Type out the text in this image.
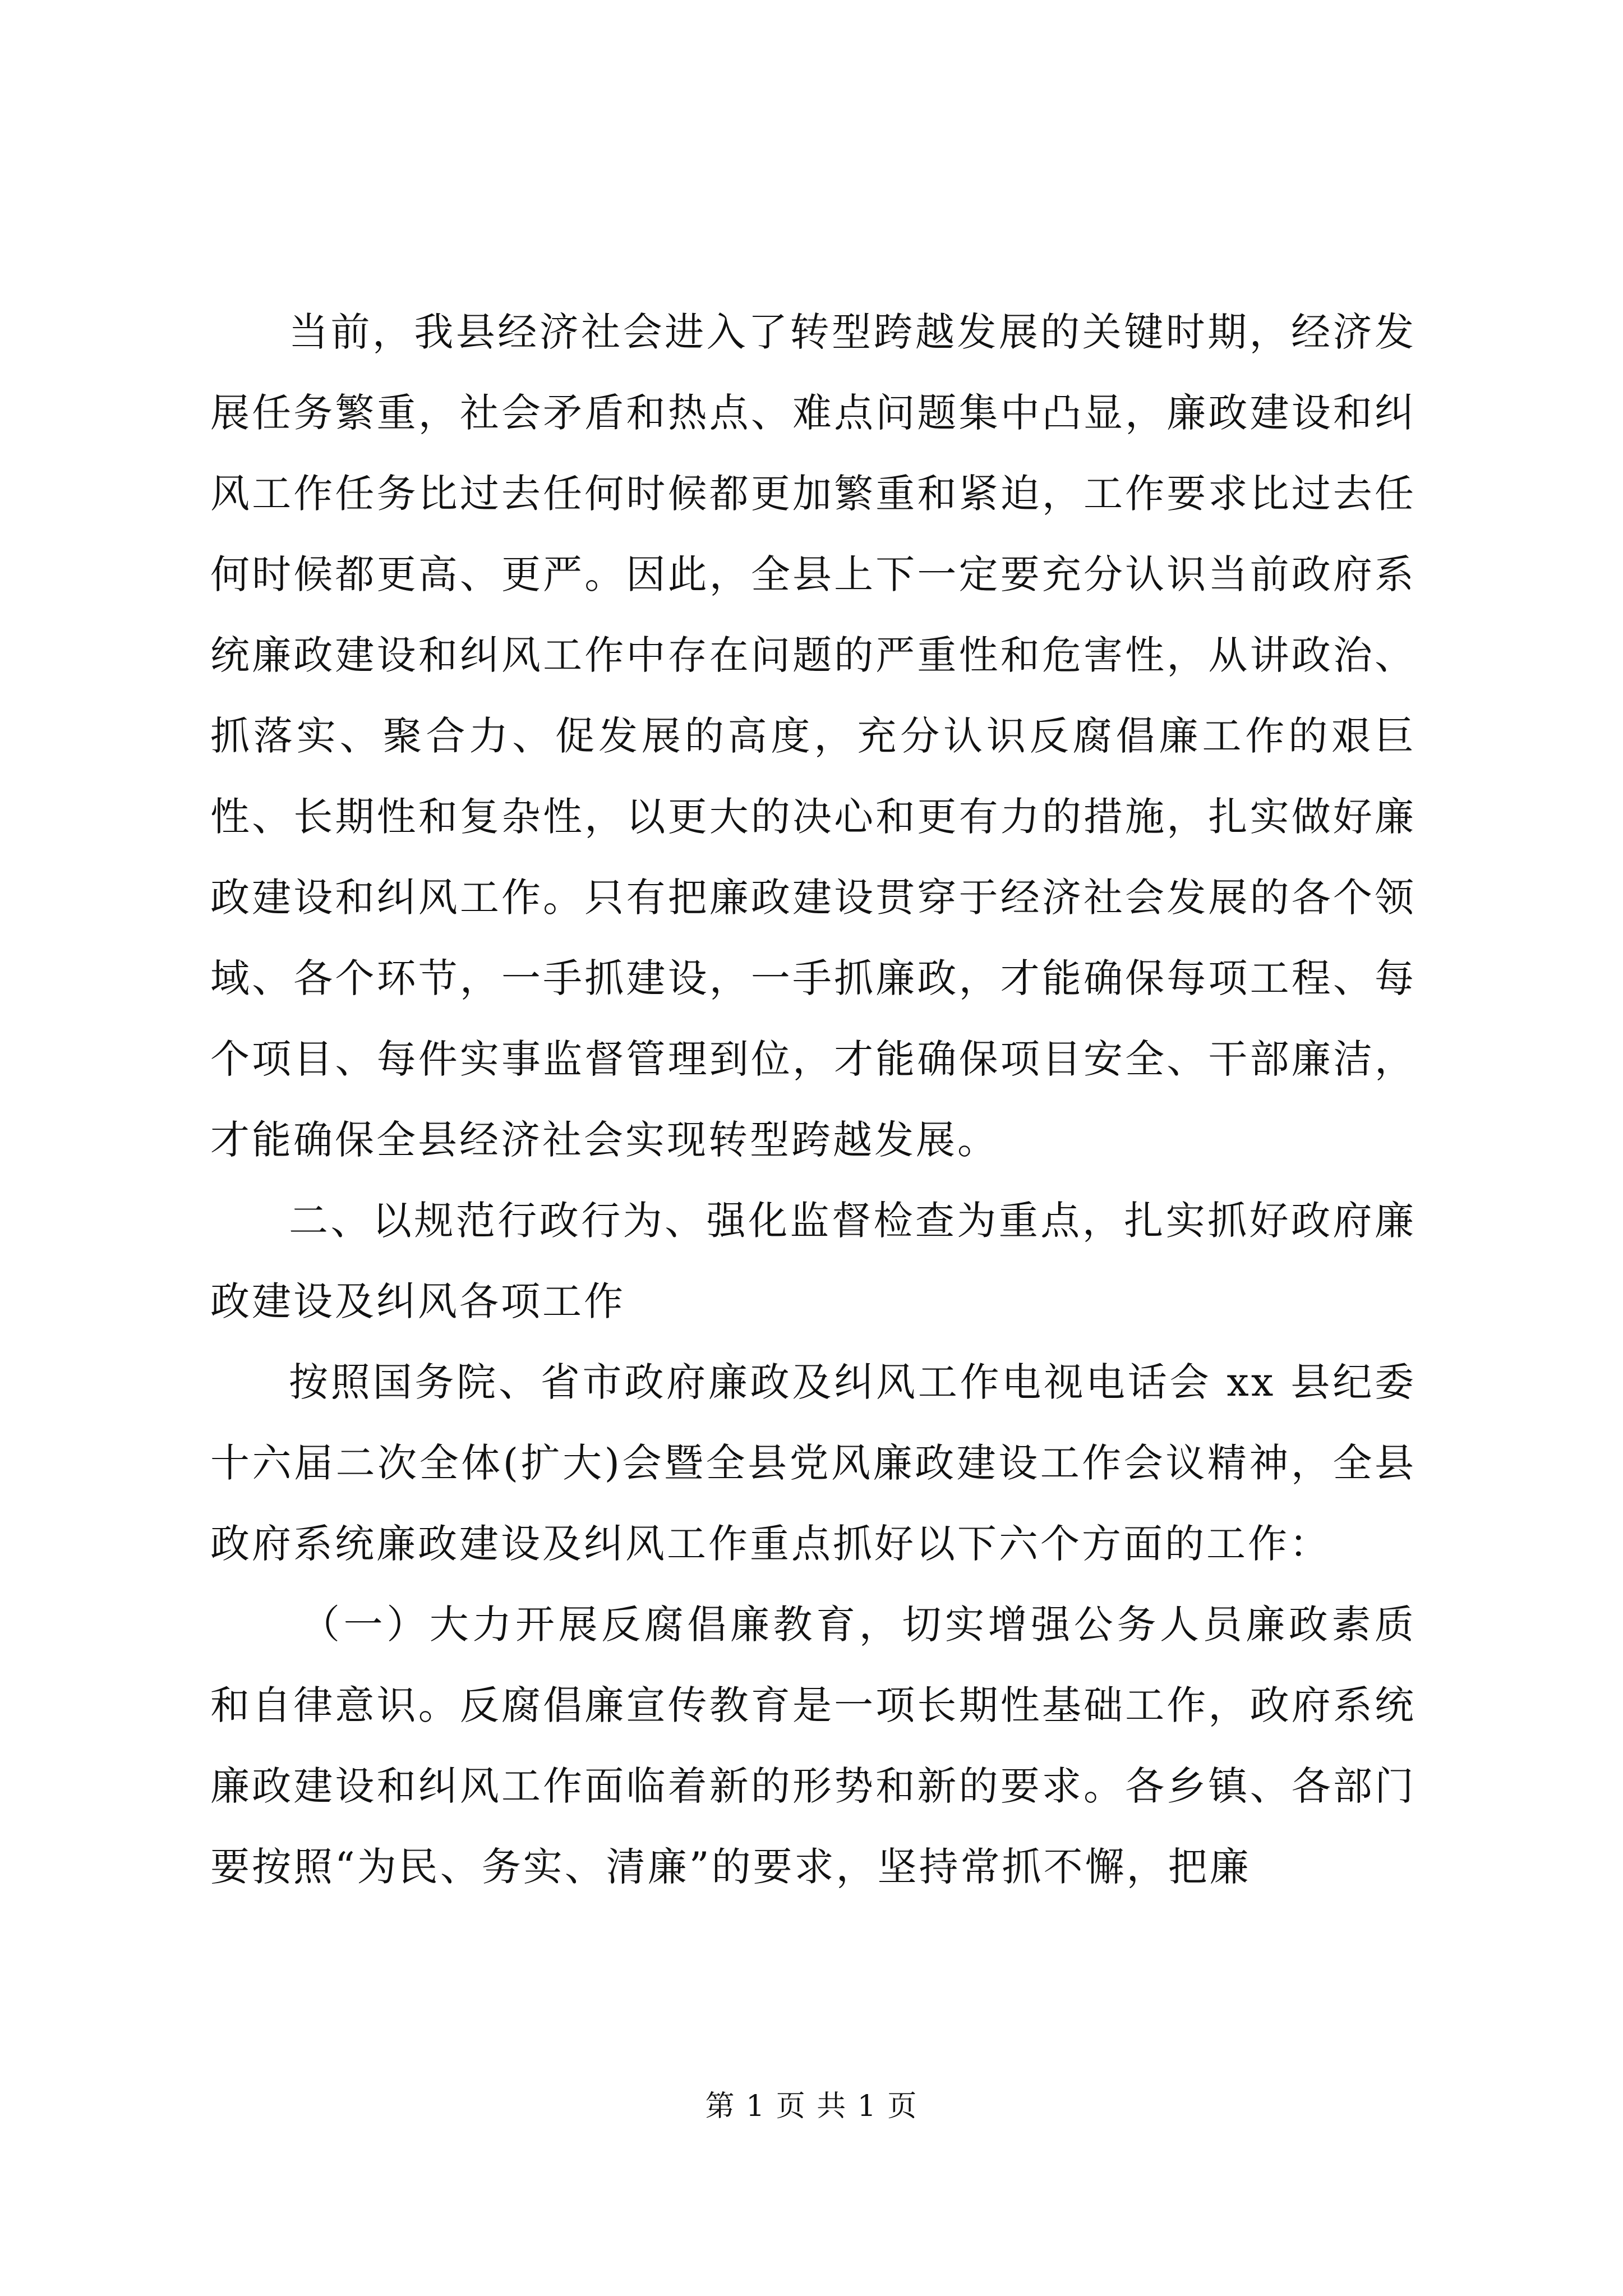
当前，我县经济社会进入了转型跨越发展的关键时期，经济发展任务繁重，社会矛盾和热点、难点问题集中凸显，廉政建设和纠风工作任务比过去任何时候都更加繁重和紧迫，工作要求比过去任何时候都更高、更严。因此，全县上下一定要充分认识当前政府系统廉政建设和纠风工作中存在问题的严重性和危害性，从讲政治、抓落实、聚合力、促发展的高度，充分认识反腐倡廉工作的艰巨性、长期性和复杂性，以更大的决心和更有力的措施，扎实做好廉政建设和纠风工作。只有把廉政建设贯穿于经济社会发展的各个领域、各个环节，一手抓建设，一手抓廉政，才能确保每项工程、每个项目、每件实事监督管理到位，才能确保项目安全、干部廉洁，才能确保全县经济社会实现转型跨越发展。

二、以规范行政行为、强化监督检查为重点，扎实抓好政府廉政建设及纠风各项工作

按照国务院、省市政府廉政及纠风工作电视电话会 xx 县纪委十六届二次全体(扩大)会暨全县党风廉政建设工作会议精神，全县政府系统廉政建设及纠风工作重点抓好以下六个方面的工作：

（一）大力开展反腐倡廉教育，切实增强公务人员廉政素质和自律意识。反腐倡廉宣传教育是一项长期性基础工作，政府系统廉政建设和纠风工作面临着新的形势和新的要求。各乡镇、各部门要按照“为民、务实、清廉”的要求，坚持常抓不懈，把廉

第 1 页 共 1 页
